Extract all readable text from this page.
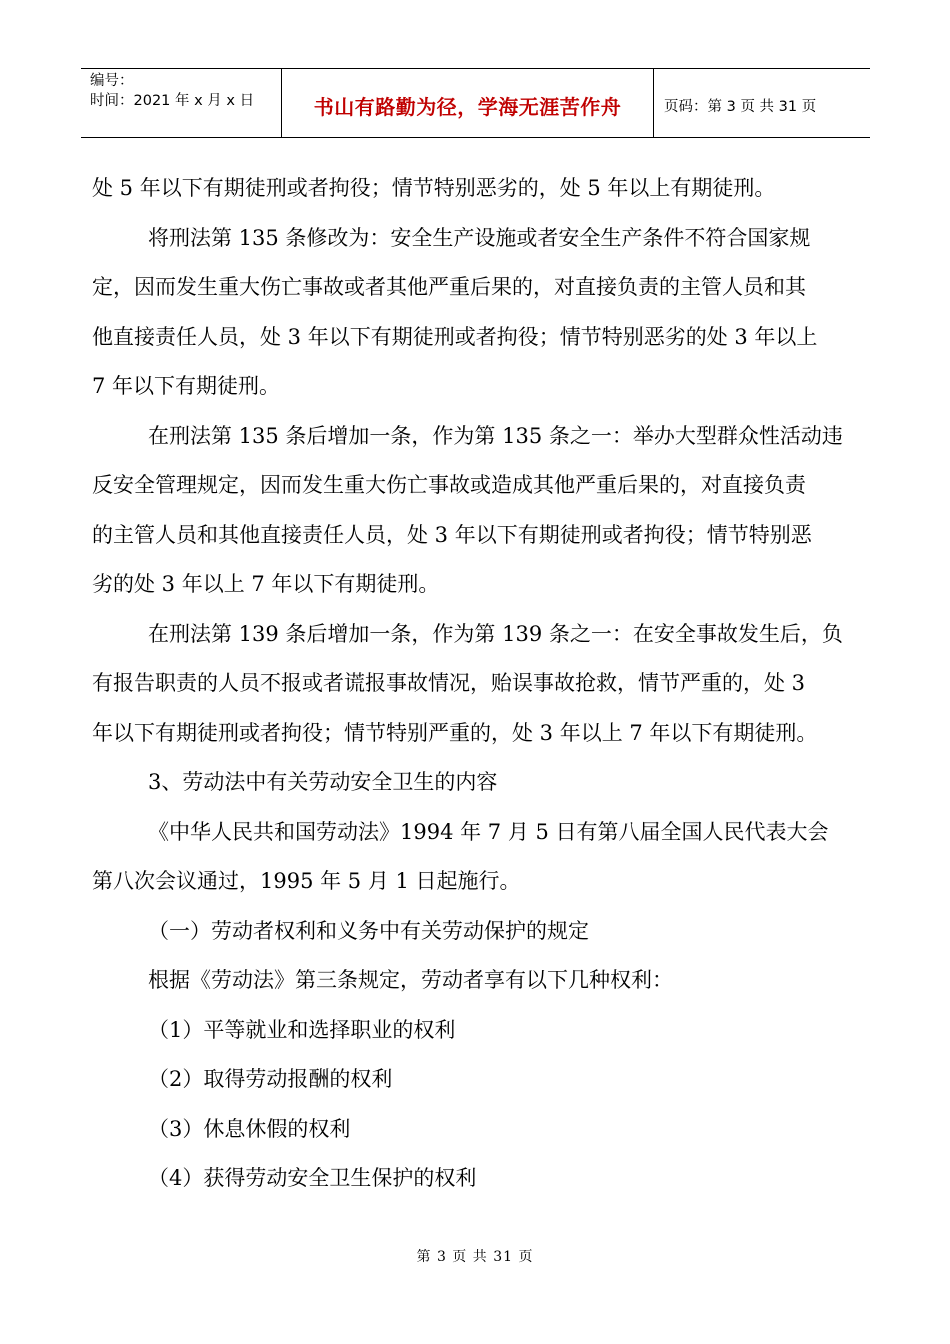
编号：
时间：2021 年 x 月 x 日	书山有路勤为径，学海无涯苦作舟	页码：第 3 页 共 31 页

处 5 年以下有期徒刑或者拘役；情节特别恶劣的，处 5 年以上有期徒刑。

将刑法第 135 条修改为：安全生产设施或者安全生产条件不符合国家规

定，因而发生重大伤亡事故或者其他严重后果的，对直接负责的主管人员和其

他直接责任人员，处 3 年以下有期徒刑或者拘役；情节特别恶劣的处 3 年以上

7 年以下有期徒刑。

在刑法第 135 条后增加一条，作为第 135 条之一：举办大型群众性活动违

反安全管理规定，因而发生重大伤亡事故或造成其他严重后果的，对直接负责

的主管人员和其他直接责任人员，处 3 年以下有期徒刑或者拘役；情节特别恶

劣的处 3 年以上 7 年以下有期徒刑。

在刑法第 139 条后增加一条，作为第 139 条之一：在安全事故发生后，负

有报告职责的人员不报或者谎报事故情况，贻误事故抢救，情节严重的，处 3

年以下有期徒刑或者拘役；情节特别严重的，处 3 年以上 7 年以下有期徒刑。

3、劳动法中有关劳动安全卫生的内容

《中华人民共和国劳动法》1994 年 7 月 5 日有第八届全国人民代表大会

第八次会议通过，1995 年 5 月 1 日起施行。

（一）劳动者权利和义务中有关劳动保护的规定

根据《劳动法》第三条规定，劳动者享有以下几种权利：

（1）平等就业和选择职业的权利

（2）取得劳动报酬的权利

（3）休息休假的权利

（4）获得劳动安全卫生保护的权利

第 3 页 共 31 页
